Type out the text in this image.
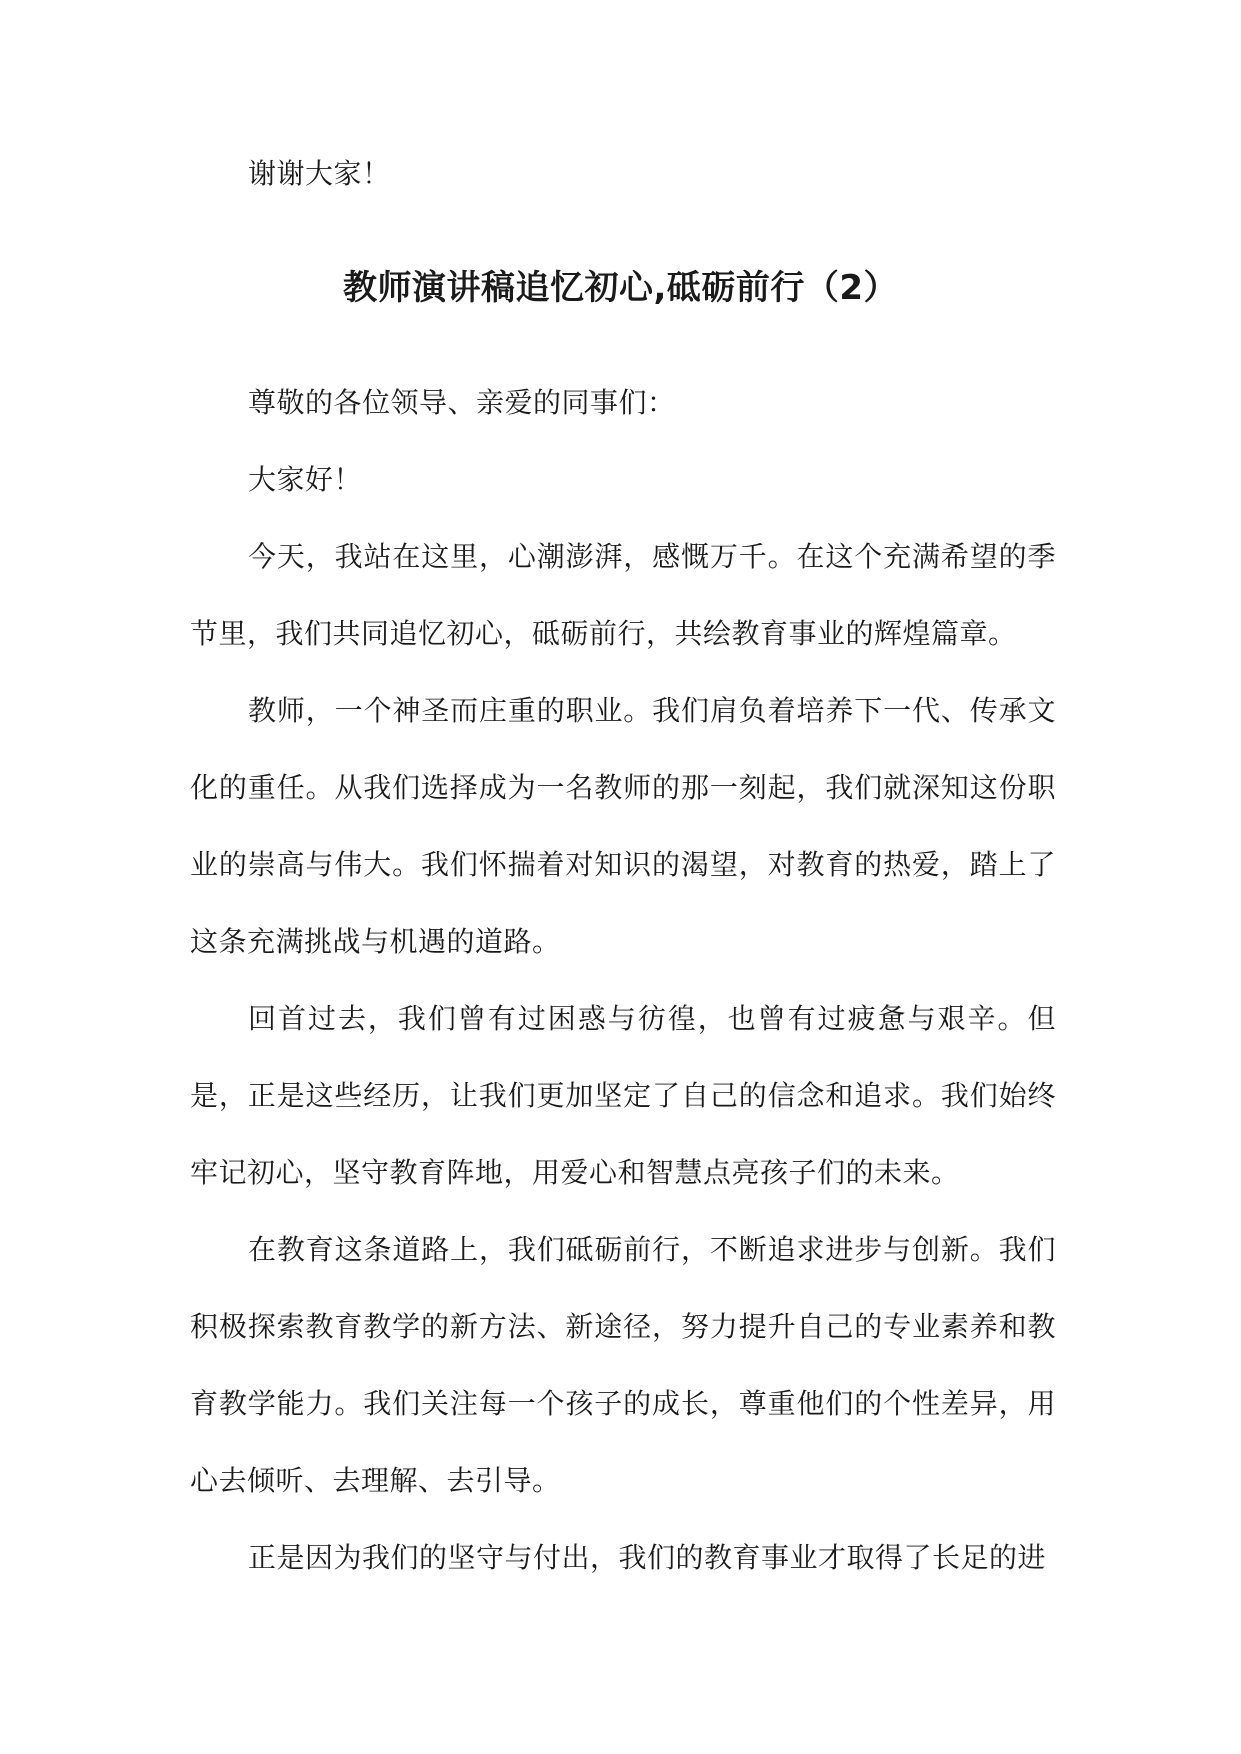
谢谢大家！

教师演讲稿追忆初心,砥砺前行（2）

尊敬的各位领导、亲爱的同事们：

大家好！

今天，我站在这里，心潮澎湃，感慨万千。在这个充满希望的季节里，我们共同追忆初心，砥砺前行，共绘教育事业的辉煌篇章。

教师，一个神圣而庄重的职业。我们肩负着培养下一代、传承文化的重任。从我们选择成为一名教师的那一刻起，我们就深知这份职业的崇高与伟大。我们怀揣着对知识的渴望，对教育的热爱，踏上了这条充满挑战与机遇的道路。

回首过去，我们曾有过困惑与彷徨，也曾有过疲惫与艰辛。但是，正是这些经历，让我们更加坚定了自己的信念和追求。我们始终牢记初心，坚守教育阵地，用爱心和智慧点亮孩子们的未来。

在教育这条道路上，我们砥砺前行，不断追求进步与创新。我们积极探索教育教学的新方法、新途径，努力提升自己的专业素养和教育教学能力。我们关注每一个孩子的成长，尊重他们的个性差异，用心去倾听、去理解、去引导。

正是因为我们的坚守与付出，我们的教育事业才取得了长足的进
